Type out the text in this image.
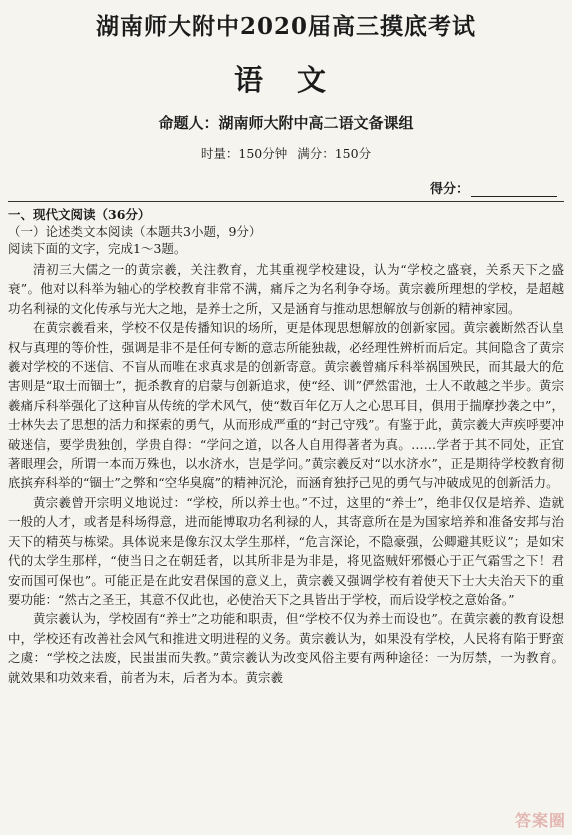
湖南师大附中2020届高三摸底考试
语 文
命题人：湖南师大附中高二语文备课组
时量：150分钟 满分：150分
得分：
一、现代文阅读（36分）
（一）论述类文本阅读（本题共3小题，9分）
阅读下面的文字，完成1～3题。

清初三大儒之一的黄宗羲，关注教育，尤其重视学校建设，认为“学校之盛衰，关系天下之盛衰”。他对以科举为轴心的学校教育非常不满，痛斥之为名利争夺场。黄宗羲所理想的学校，是超越功名利禄的文化传承与光大之地，是养士之所，又是涵育与推动思想解放与创新的精神家园。

在黄宗羲看来，学校不仅是传播知识的场所，更是体现思想解放的创新家园。黄宗羲断然否认皇权与真理的等价性，强调是非不是任何专断的意志所能独裁，必经理性辨析而后定。其间隐含了黄宗羲对学校的不迷信、不盲从而唯在求真求是的创新寄意。黄宗羲曾痛斥科举祸国殃民，而其最大的危害则是“取士而锢士”，扼杀教育的启蒙与创新追求，使“经、训”俨然雷池，士人不敢越之半步。黄宗羲痛斥科举强化了这种盲从传统的学术风气，使“数百年亿万人之心思耳目，俱用于揣摩抄袭之中”，士林失去了思想的活力和探索的勇气，从而形成严重的“封己守残”。有鉴于此，黄宗羲大声疾呼要冲破迷信，要学贵独创，学贵自得：“学问之道，以各人自用得著者为真。……学者于其不同处，正宜著眼理会，所谓一本而万殊也，以水济水，岂是学问。”黄宗羲反对“以水济水”，正是期待学校教育彻底摈弃科举的“锢士”之弊和“空华臭腐”的精神沉沦，而涵育独抒己见的勇气与冲破成见的创新活力。

黄宗羲曾开宗明义地说过：“学校，所以养士也。”不过，这里的“养士”，绝非仅仅是培养、造就一般的人才，或者是科场得意，进而能博取功名利禄的人，其寄意所在是为国家培养和准备安邦与治天下的精英与栋梁。具体说来是像东汉太学生那样，“危言深论，不隐豪强，公卿避其贬议”；是如宋代的太学生那样，“使当日之在朝廷者，以其所非是为非是，将见盗贼奸邪慑心于正气霜雪之下！君安而国可保也”。可能正是在此安君保国的意义上，黄宗羲又强调学校有着使天下士大夫治天下的重要功能：“然古之圣王，其意不仅此也，必使治天下之具皆出于学校，而后设学校之意始备。”

黄宗羲认为，学校固有“养士”之功能和职责，但“学校不仅为养士而设也”。在黄宗羲的教育设想中，学校还有改善社会风气和推进文明进程的义务。黄宗羲认为，如果没有学校，人民将有陷于野蛮之虞：“学校之法废，民蚩蚩而失教。”黄宗羲认为改变风俗主要有两种途径：一为厉禁，一为教育。就效果和功效来看，前者为末，后者为本。黄宗羲

答案圈
